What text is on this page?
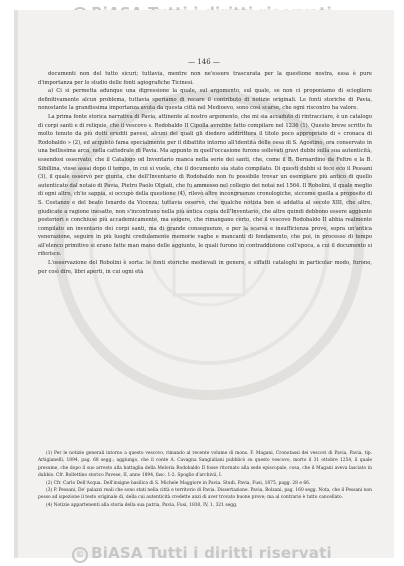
— 146 —

documenti non del tutto sicuri; tuttavia, mentre non ne'essere trascurata per la questione nostra, essa è pure d'importanza per lo studio delle fonti agiografiche Ticinesi.

a) Ci si permetta adunque una digressione la quale, sul argomento, sul quale, se non ci proponiamo di sciogliere definitivamente alcun problema, tuttavia speriamo di recare il contributo di notizie originali. Le fonti storiche di Pavia, nonostante la grandissima importanza avuta da questa città nel Medioevo, sono così scarse, che ogni riscontro ha valore.

La prima fonte storica narrativa di Pavia, attinente al nostro argomento, che mi sia accaduto di rintracciare, è un catalogo di corpi santi e di reliquie, che il vescovo s. Rodobaldo II Cipolla avrebbe fatto compilare nel 1236 (1). Questo breve scritto fu molto tenuto da più dotti eruditi pavesi, alcuni dei quali gli diedero addirittura il titolo poco appropriato di « cronaca di Rodobaldo » (2), ed acquistò fama specialmente per il dibattito intorno all'identità delle ossa di S. Agostino, ora conservate in una bellissima arca, nella cattedrale di Pavia. Ma appunto in quell'occasione furono sollevati gravi dubbi sulla sua autenticità, essendosi osservato, che il Catalogo od Inventario manca nella serie dei santi, che, come il B. Bernardino da Feltre e la B. Sibillina, visse assai dopo il tempo, in cui si vuole, che il documento sia stato compilato. Di questi dubbi si fece eco il Pessani (3), il quale osservò per giunta, che dell'Inventario di Rodobaldo non fu possibile trovar un esemplare più antico di quello autenticato dal notaio di Pavia, Pietro Paolo Olgiati, che fu ammesso nel collegio dei notai nel 1564. Il Robolini, il quale meglio di ogni altro, ch'io sappia, si occupò della questione (4), rilevò altre incongruenze cronologiche, siccome quella a proposito di S. Costanzo e del beato Isnardo da Vicenza; tuttavia osservò, che qualche notizia ben si addatta al secolo XIII, che altre, giudicate a ragione inesatte, non s'incontrano nella più antica copia dell'Inventario, che altre quindi debbono essere aggiunte posteriori e conchiuse più accademicamente, ma esigere, che rimangano certo, che il vescovo Rodobaldo II abbia realmente compilato un inventario dei corpi santi, ma di grande conseguenze, e per la scarsa e insufficienza prove, sopra un'antica venerazione, seguire in più luoghi credulamente memorie vaghe e mancanti di fondamento, che poi, in processo di tempo all'elenco primitivo si erano fatte man mano delle aggiunte, le quali furono in contraddizione coll'epoca, a cui il documento si riferisce.

L'osservazione del Robolini è sorta: le fonti storiche medievali in genere, e siffatti cataloghi in particolar modo, furono, per così dire, libri aperti, in cui ogni età

(1) Per le notizie generali intorno a questo vescovo, rimando al recente volume di mons. F. Magani, Cronotassi dei vescovi di Pavia, Pavia, tip. Artigianelli, 1894, pag. 68 segg.; aggiungo, che il conte A. Cavagna Sangiuliani pubblicò su questo vescovo, morto il 31 ottobre 1254, il quale presume, che dopo il suo arresto alla battaglia della Meloria Rodobaldo II fosse ritornato alla sede episcopale, cosa, che il Magani aveva lasciato in dubbio. Cfr. Bollettino storico Pavese, II, anno 1894, fasc. 1-2. Spoglio d'archivii, I.

(2) Cfr. Carlo Dell'Acqua. Dell'insigne basilica di S. Michele Maggiore in Pavia. Studi, Pavia, Fusi, 1875, pagg. 28 e 66.

(3) P. Pessani, De' palazzi reali che sono stati nella città e territorio di Pavia. Dissertazione. Pavia, Bolzani, pag. 160 segg. Nota, che il Pessani non posso ad ispezione il testo originale di, della cui autenticità credette anzi di aver trovato buone prove; ma al contrario è tutto cancellato.

(4) Notizie appartenenti alla storia della sua patria, Pavia, Fusi, 1830, IV, 1, 321 segg.

© BiASA Tutti i diritti riservati
